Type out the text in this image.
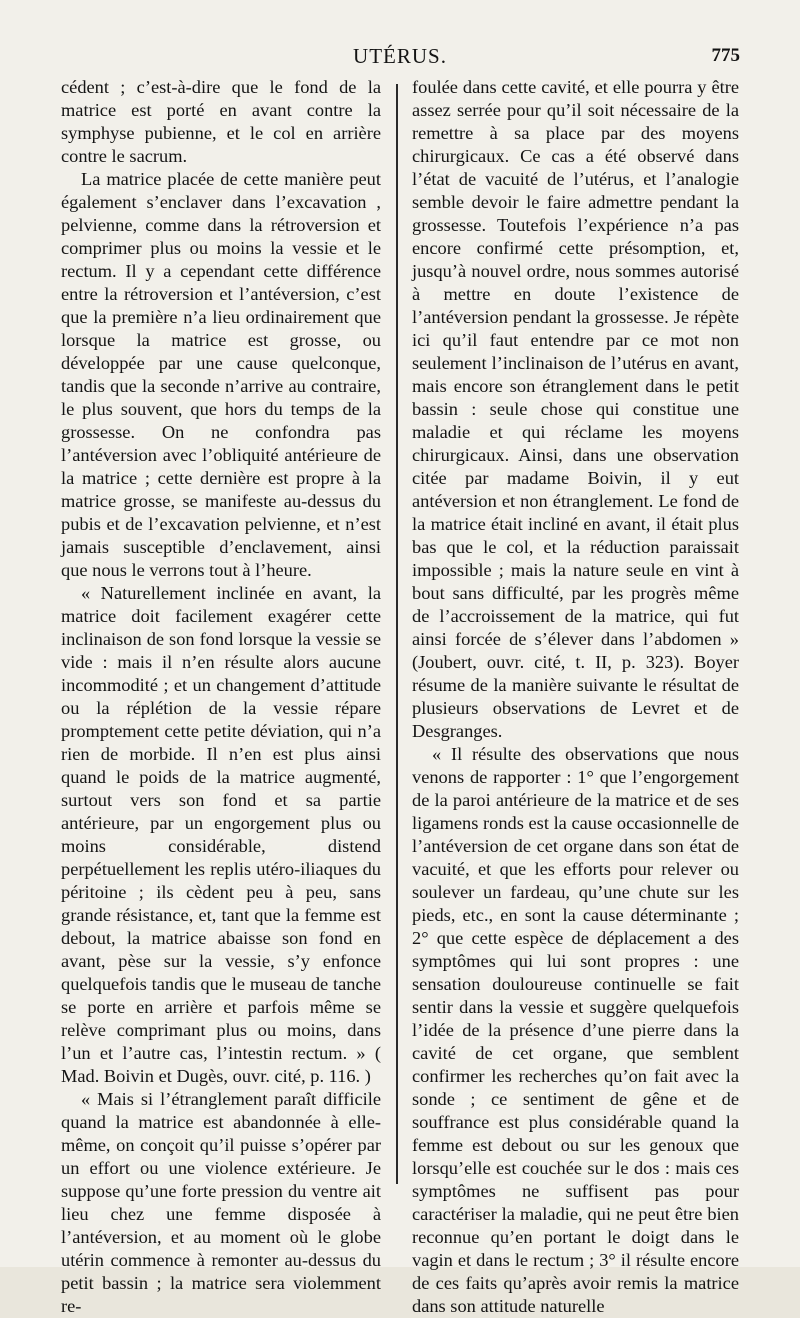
UTÉRUS.	775

cédent ; c’est-à-dire que le fond de la matrice est porté en avant contre la symphyse pubienne, et le col en arrière contre le sacrum.

La matrice placée de cette manière peut également s’enclaver dans l’excavation , pelvienne, comme dans la rétroversion et comprimer plus ou moins la vessie et le rectum. Il y a cependant cette différence entre la rétroversion et l’antéversion, c’est que la première n’a lieu ordinairement que lorsque la matrice est grosse, ou développée par une cause quelconque, tandis que la seconde n’arrive au contraire, le plus souvent, que hors du temps de la grossesse. On ne confondra pas l’antéversion avec l’obliquité antérieure de la matrice ; cette dernière est propre à la matrice grosse, se manifeste au-dessus du pubis et de l’excavation pelvienne, et n’est jamais susceptible d’enclavement, ainsi que nous le verrons tout à l’heure.

« Naturellement inclinée en avant, la matrice doit facilement exagérer cette inclinaison de son fond lorsque la vessie se vide : mais il n’en résulte alors aucune incommodité ; et un changement d’attitude ou la réplétion de la vessie répare promptement cette petite déviation, qui n’a rien de morbide. Il n’en est plus ainsi quand le poids de la matrice augmenté, surtout vers son fond et sa partie antérieure, par un engorgement plus ou moins considérable, distend perpétuellement les replis utéro-iliaques du péritoine ; ils cèdent peu à peu, sans grande résistance, et, tant que la femme est debout, la matrice abaisse son fond en avant, pèse sur la vessie, s’y enfonce quelquefois tandis que le museau de tanche se porte en arrière et parfois même se relève comprimant plus ou moins, dans l’un et l’autre cas, l’intestin rectum. » ( Mad. Boivin et Dugès, ouvr. cité, p. 116. )

« Mais si l’étranglement paraît difficile quand la matrice est abandonnée à elle-même, on conçoit qu’il puisse s’opérer par un effort ou une violence extérieure. Je suppose qu’une forte pression du ventre ait lieu chez une femme disposée à l’antéversion, et au moment où le globe utérin commence à remonter au-dessus du petit bassin ; la matrice sera violemment re-

foulée dans cette cavité, et elle pourra y être assez serrée pour qu’il soit nécessaire de la remettre à sa place par des moyens chirurgicaux. Ce cas a été observé dans l’état de vacuité de l’utérus, et l’analogie semble devoir le faire admettre pendant la grossesse. Toutefois l’expérience n’a pas encore confirmé cette présomption, et, jusqu’à nouvel ordre, nous sommes autorisé à mettre en doute l’existence de l’antéversion pendant la grossesse. Je répète ici qu’il faut entendre par ce mot non seulement l’inclinaison de l’utérus en avant, mais encore son étranglement dans le petit bassin : seule chose qui constitue une maladie et qui réclame les moyens chirurgicaux. Ainsi, dans une observation citée par madame Boivin, il y eut antéversion et non étranglement. Le fond de la matrice était incliné en avant, il était plus bas que le col, et la réduction paraissait impossible ; mais la nature seule en vint à bout sans difficulté, par les progrès même de l’accroissement de la matrice, qui fut ainsi forcée de s’élever dans l’abdomen » (Joubert, ouvr. cité, t. II, p. 323). Boyer résume de la manière suivante le résultat de plusieurs observations de Levret et de Desgranges.

« Il résulte des observations que nous venons de rapporter : 1° que l’engorgement de la paroi antérieure de la matrice et de ses ligamens ronds est la cause occasionnelle de l’antéversion de cet organe dans son état de vacuité, et que les efforts pour relever ou soulever un fardeau, qu’une chute sur les pieds, etc., en sont la cause déterminante ; 2° que cette espèce de déplacement a des symptômes qui lui sont propres : une sensation douloureuse continuelle se fait sentir dans la vessie et suggère quelquefois l’idée de la présence d’une pierre dans la cavité de cet organe, que semblent confirmer les recherches qu’on fait avec la sonde ; ce sentiment de gêne et de souffrance est plus considérable quand la femme est debout ou sur les genoux que lorsqu’elle est couchée sur le dos : mais ces symptômes ne suffisent pas pour caractériser la maladie, qui ne peut être bien reconnue qu’en portant le doigt dans le vagin et dans le rectum ; 3° il résulte encore de ces faits qu’après avoir remis la matrice dans son attitude naturelle
